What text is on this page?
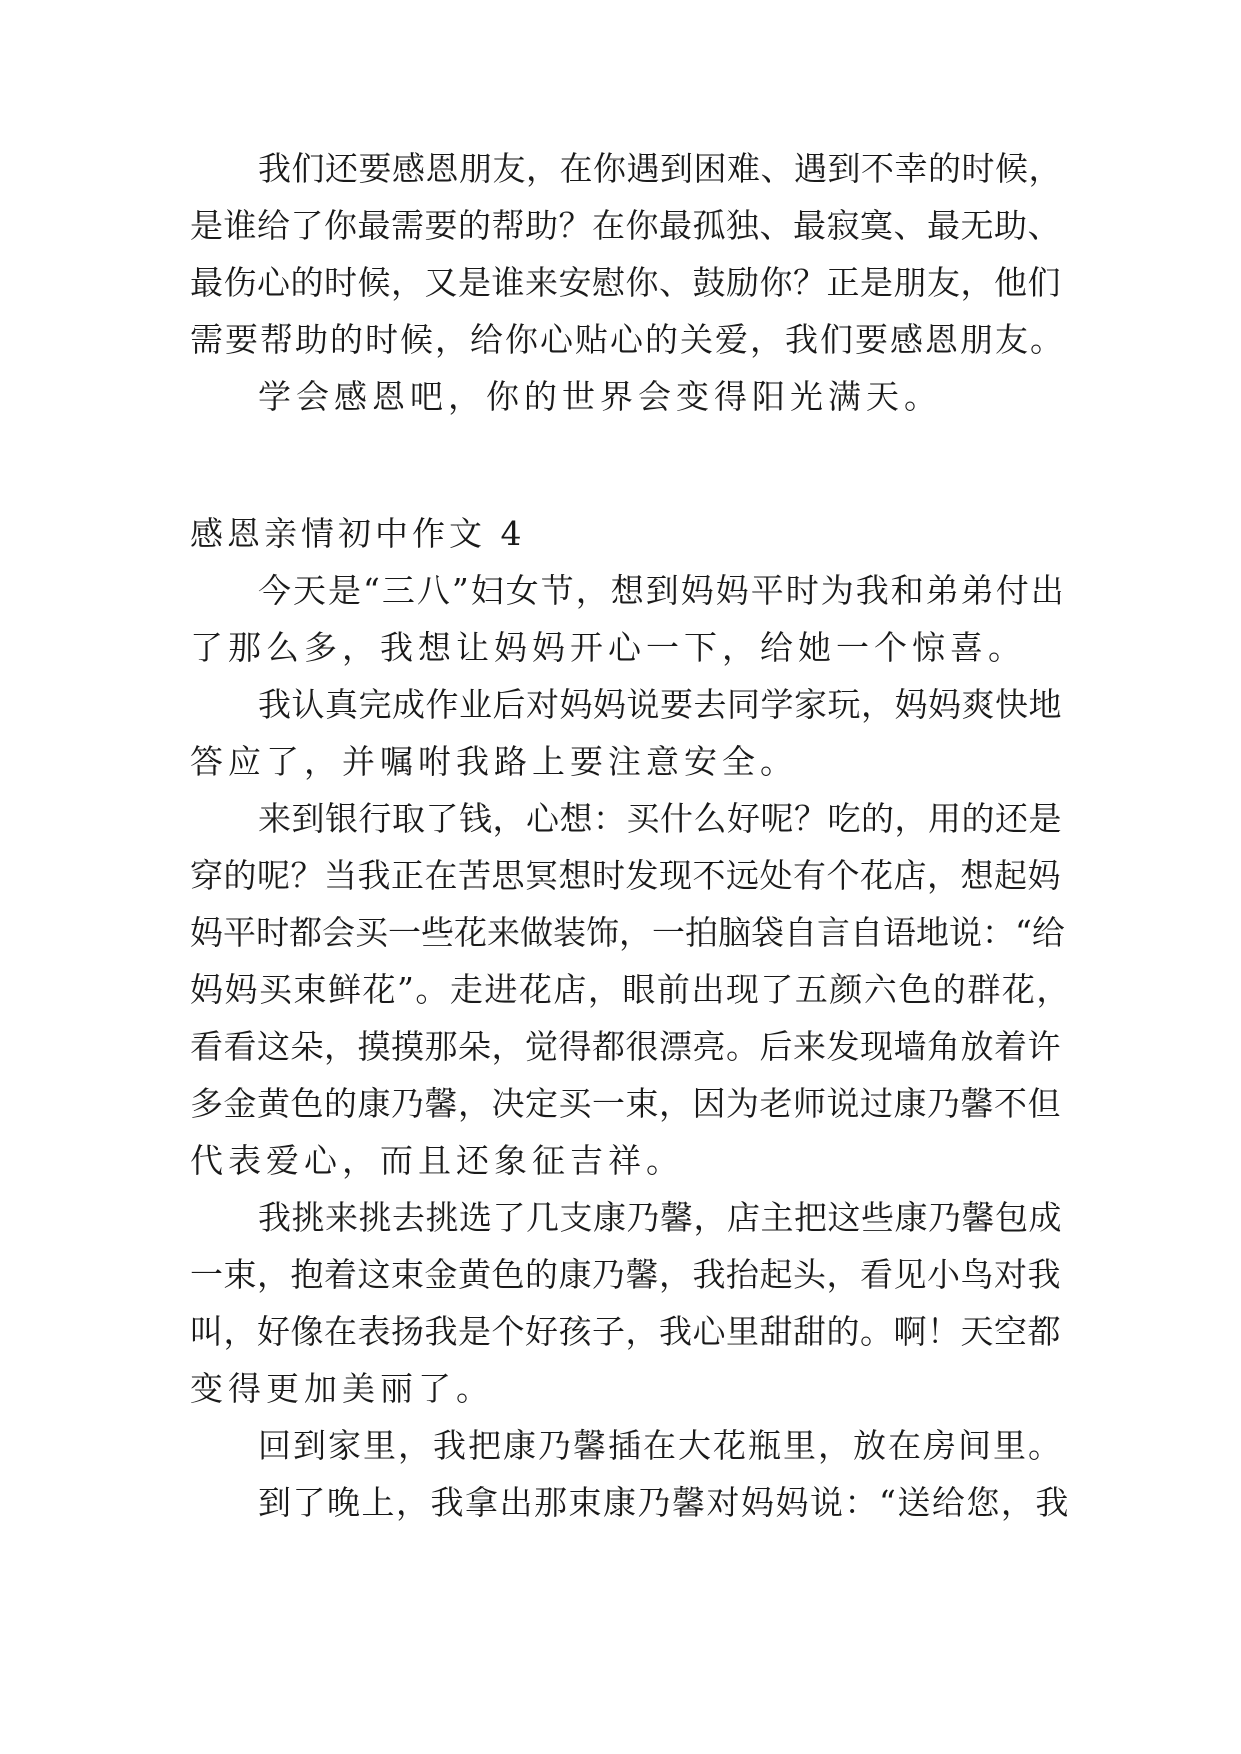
我们还要感恩朋友，在你遇到困难、遇到不幸的时候，
是谁给了你最需要的帮助？在你最孤独、最寂寞、最无助、
最伤心的时候，又是谁来安慰你、鼓励你？正是朋友，他们
需要帮助的时候，给你心贴心的关爱，我们要感恩朋友。
学会感恩吧，你的世界会变得阳光满天。
感恩亲情初中作文 4
今天是“三八”妇女节，想到妈妈平时为我和弟弟付出
了那么多，我想让妈妈开心一下，给她一个惊喜。
我认真完成作业后对妈妈说要去同学家玩，妈妈爽快地
答应了，并嘱咐我路上要注意安全。
来到银行取了钱，心想：买什么好呢？吃的，用的还是
穿的呢？当我正在苦思冥想时发现不远处有个花店，想起妈
妈平时都会买一些花来做装饰，一拍脑袋自言自语地说：“给
妈妈买束鲜花”。走进花店，眼前出现了五颜六色的群花，
看看这朵，摸摸那朵，觉得都很漂亮。后来发现墙角放着许
多金黄色的康乃馨，决定买一束，因为老师说过康乃馨不但
代表爱心，而且还象征吉祥。
我挑来挑去挑选了几支康乃馨，店主把这些康乃馨包成
一束，抱着这束金黄色的康乃馨，我抬起头，看见小鸟对我
叫，好像在表扬我是个好孩子，我心里甜甜的。啊！天空都
变得更加美丽了。
回到家里，我把康乃馨插在大花瓶里，放在房间里。
到了晚上，我拿出那束康乃馨对妈妈说：“送给您，我
